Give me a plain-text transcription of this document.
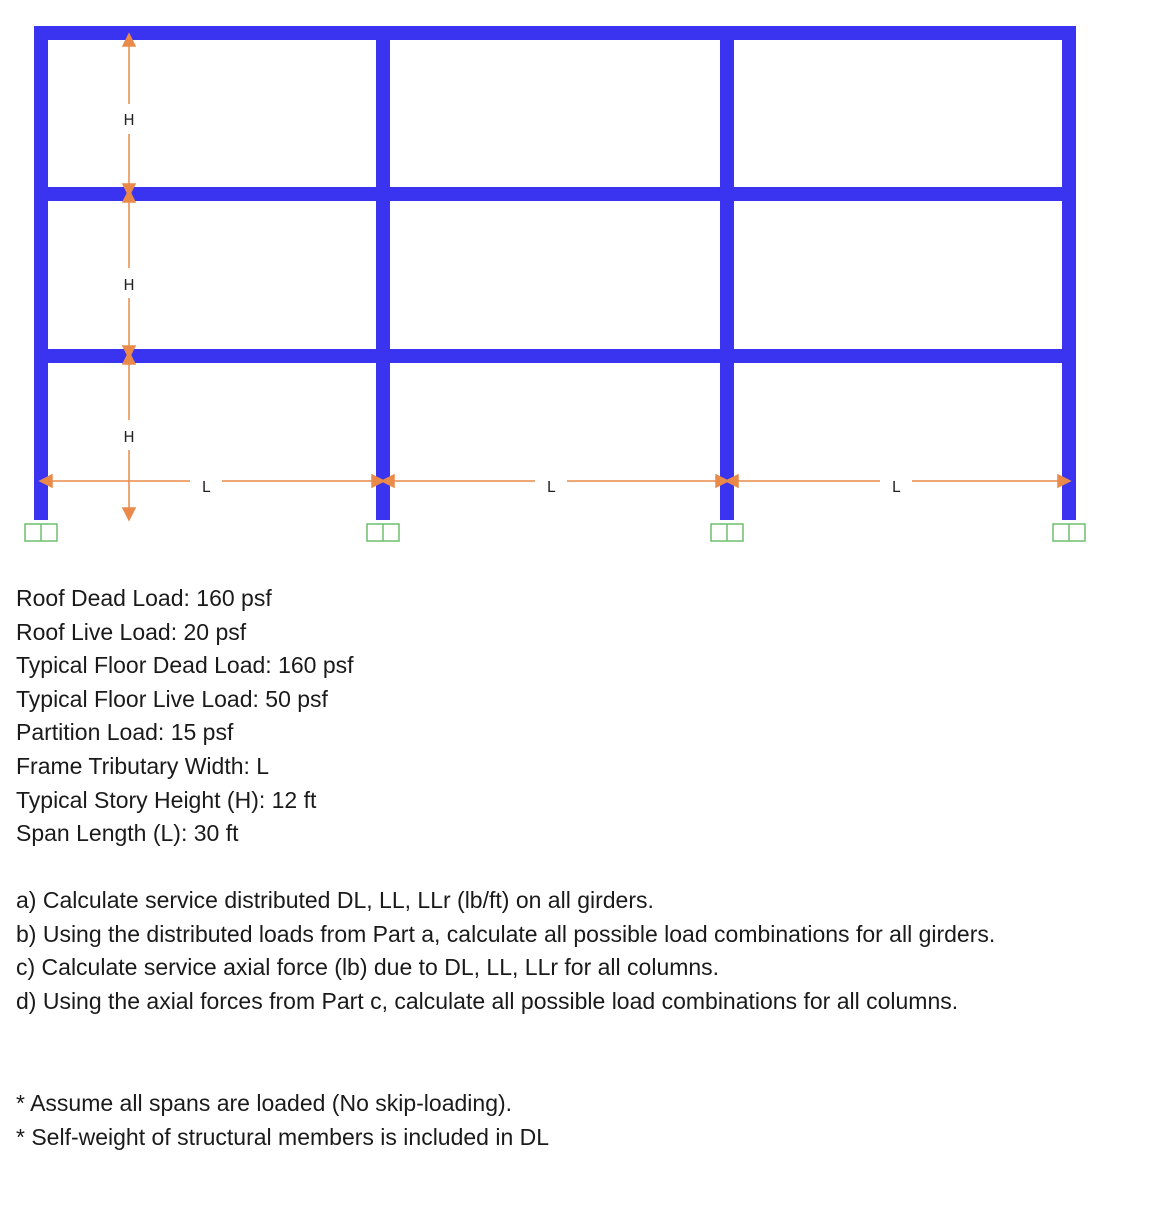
H
H
H
L	L	L
Roof Dead Load: 160 psf
Roof Live Load: 20 psf
Typical Floor Dead Load: 160 psf
Typical Floor Live Load: 50 psf
Partition Load: 15 psf
Frame Tributary Width: L
Typical Story Height (H): 12 ft
Span Length (L): 30 ft
a) Calculate service distributed DL, LL, LLr (lb/ft) on all girders.
b) Using the distributed loads from Part a, calculate all possible load combinations for all girders.
c) Calculate service axial force (lb) due to DL, LL, LLr for all columns.
d) Using the axial forces from Part c, calculate all possible load combinations for all columns.
* Assume all spans are loaded (No skip-loading).
* Self-weight of structural members is included in DL
